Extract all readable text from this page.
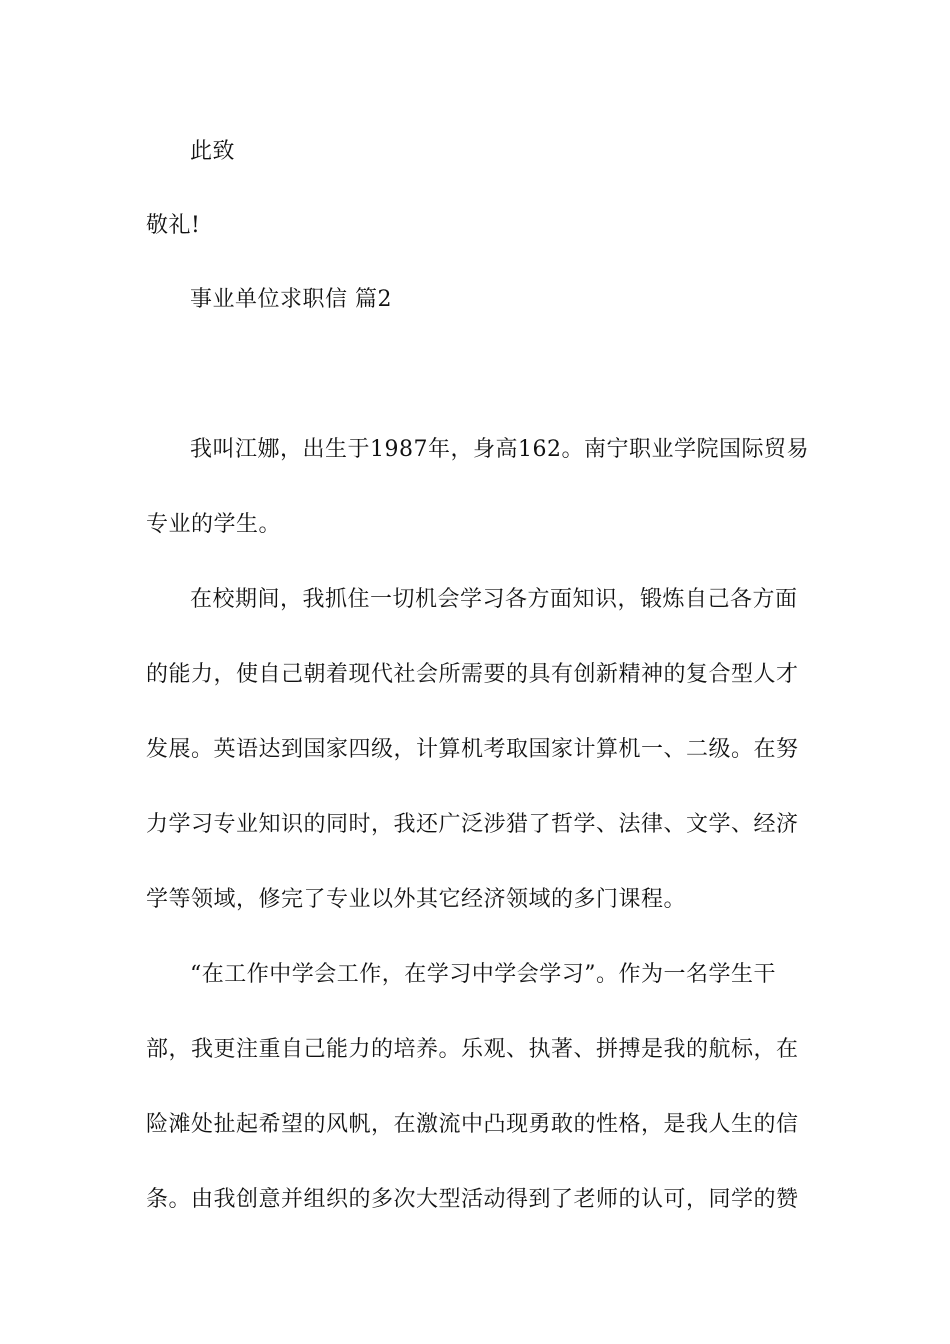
此致
敬礼!
事业单位求职信 篇2
我叫江娜，出生于1987年，身高162。南宁职业学院国际贸易
专业的学生。
在校期间，我抓住一切机会学习各方面知识，锻炼自己各方面
的能力，使自己朝着现代社会所需要的具有创新精神的复合型人才
发展。英语达到国家四级，计算机考取国家计算机一、二级。在努
力学习专业知识的同时，我还广泛涉猎了哲学、法律、文学、经济
学等领域，修完了专业以外其它经济领域的多门课程。
“在工作中学会工作，在学习中学会学习”。作为一名学生干
部，我更注重自己能力的培养。乐观、执著、拼搏是我的航标，在
险滩处扯起希望的风帆，在激流中凸现勇敢的性格，是我人生的信
条。由我创意并组织的多次大型活动得到了老师的认可，同学的赞
